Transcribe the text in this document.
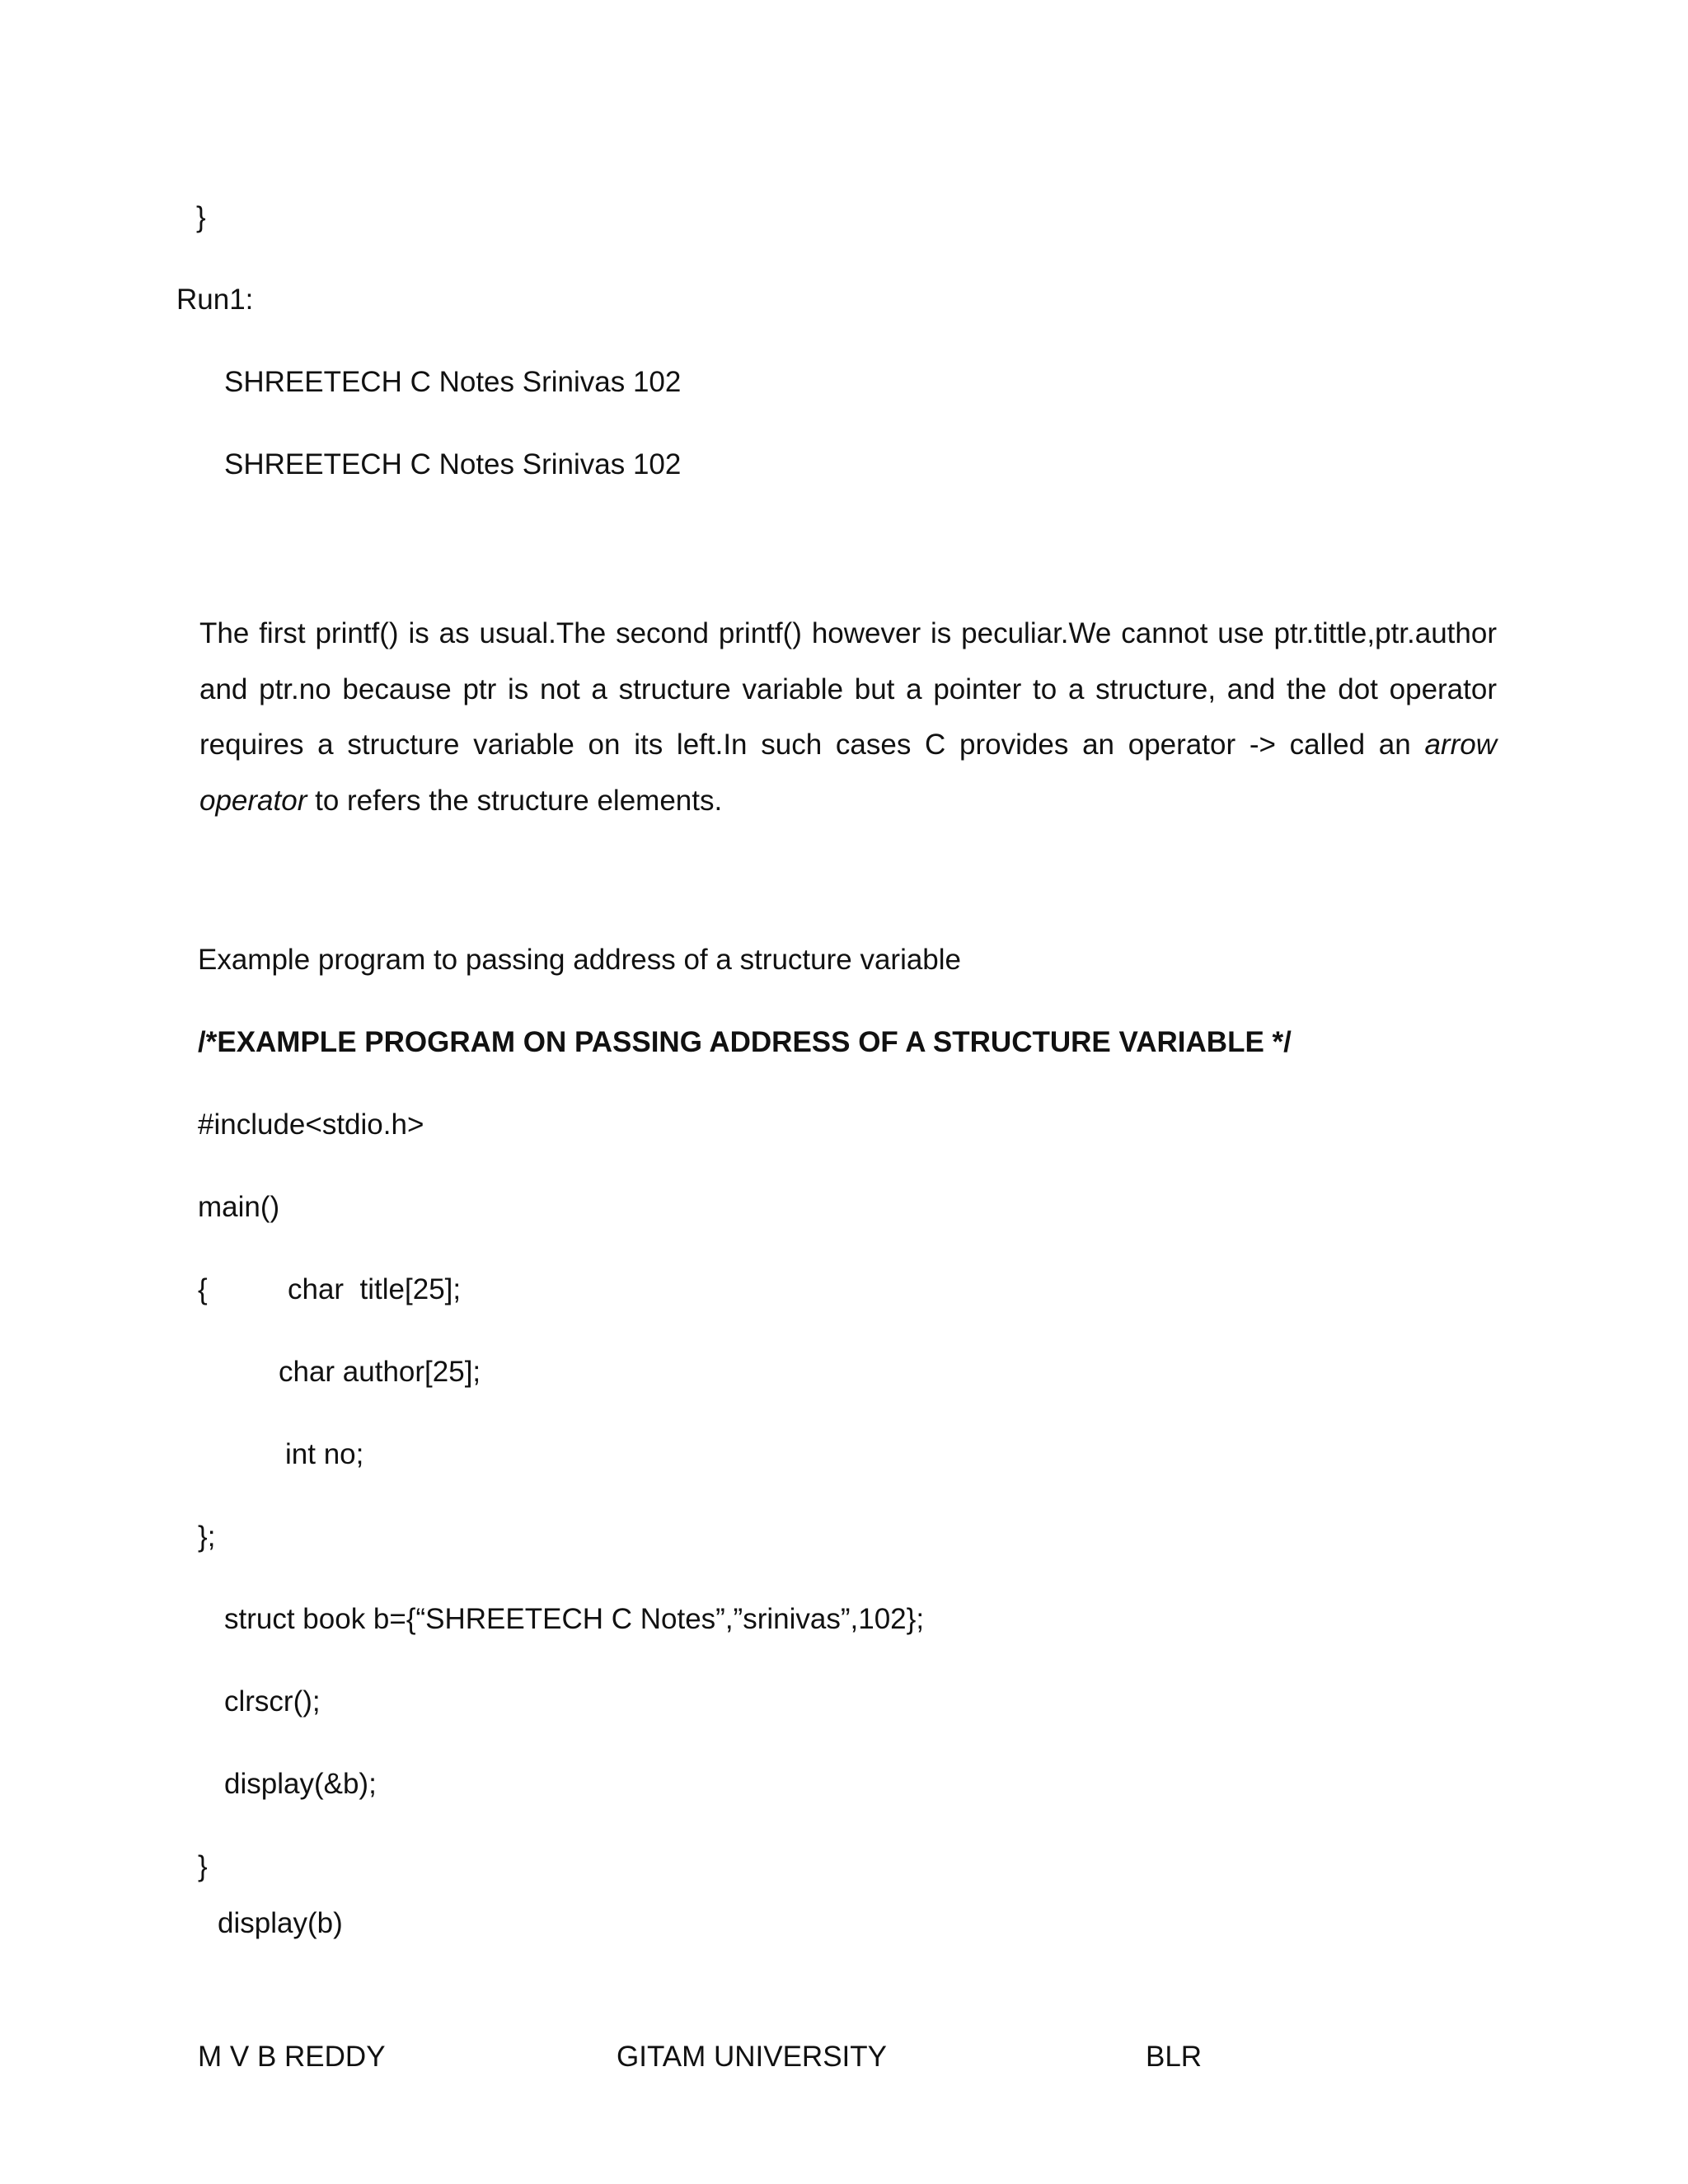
}
Run1:
SHREETECH C Notes Srinivas 102
SHREETECH C Notes Srinivas 102
The first printf() is as usual.The second printf() however is peculiar.We cannot use ptr.tittle,ptr.author and ptr.no because ptr is not a structure variable but a pointer to a structure, and the dot operator requires a structure variable on its left.In such cases C provides an operator -> called an arrow operator to refers the structure elements.
Example program to passing address of a structure variable
/*EXAMPLE PROGRAM ON PASSING ADDRESS OF A STRUCTURE VARIABLE */
#include<stdio.h>
main()
{	char  title[25];
char author[25];
int no;
};
struct book b={“SHREETECH C Notes”,”srinivas”,102};
clrscr();
display(&b);
}
display(b)
M V B REDDY	GITAM UNIVERSITY	BLR
